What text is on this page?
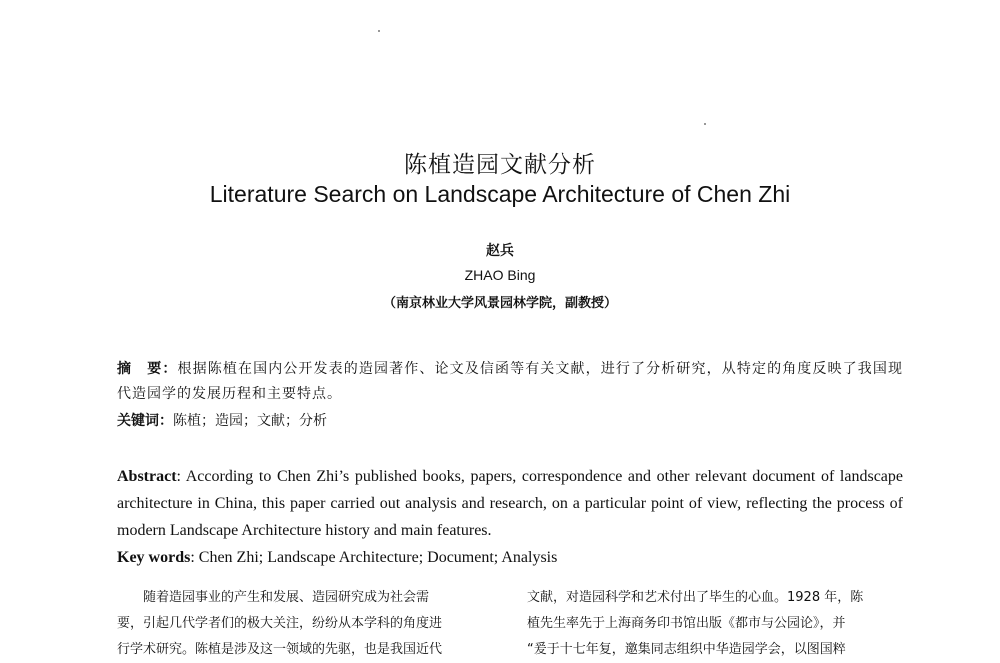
陈植造园文献分析
Literature Search on Landscape Architecture of Chen Zhi
赵兵
ZHAO Bing
（南京林业大学风景园林学院，副教授）
摘　要：根据陈植在国内公开发表的造园著作、论文及信函等有关文献，进行了分析研究，从特定的角度反映了我国现代造园学的发展历程和主要特点。
关键词：陈植；造园；文献；分析
Abstract: According to Chen Zhi’s published books, papers, correspondence and other relevant document of landscape architecture in China, this paper carried out analysis and research, on a particular point of view, reflecting the process of modern Landscape Architecture history and main features.
Key words: Chen Zhi; Landscape Architecture; Document; Analysis
　　随着造园事业的产生和发展、造园研究成为社会需
要，引起几代学者们的极大关注，纷纷从本学科的角度进
行学术研究。陈植是涉及这一领域的先驱，也是我国近代
文献，对造园科学和艺术付出了毕生的心血。1928 年，陈
植先生率先于上海商务印书馆出版《都市与公园论》，并
“爰于十七年复，邀集同志组织中华造园学会，以图国粹
